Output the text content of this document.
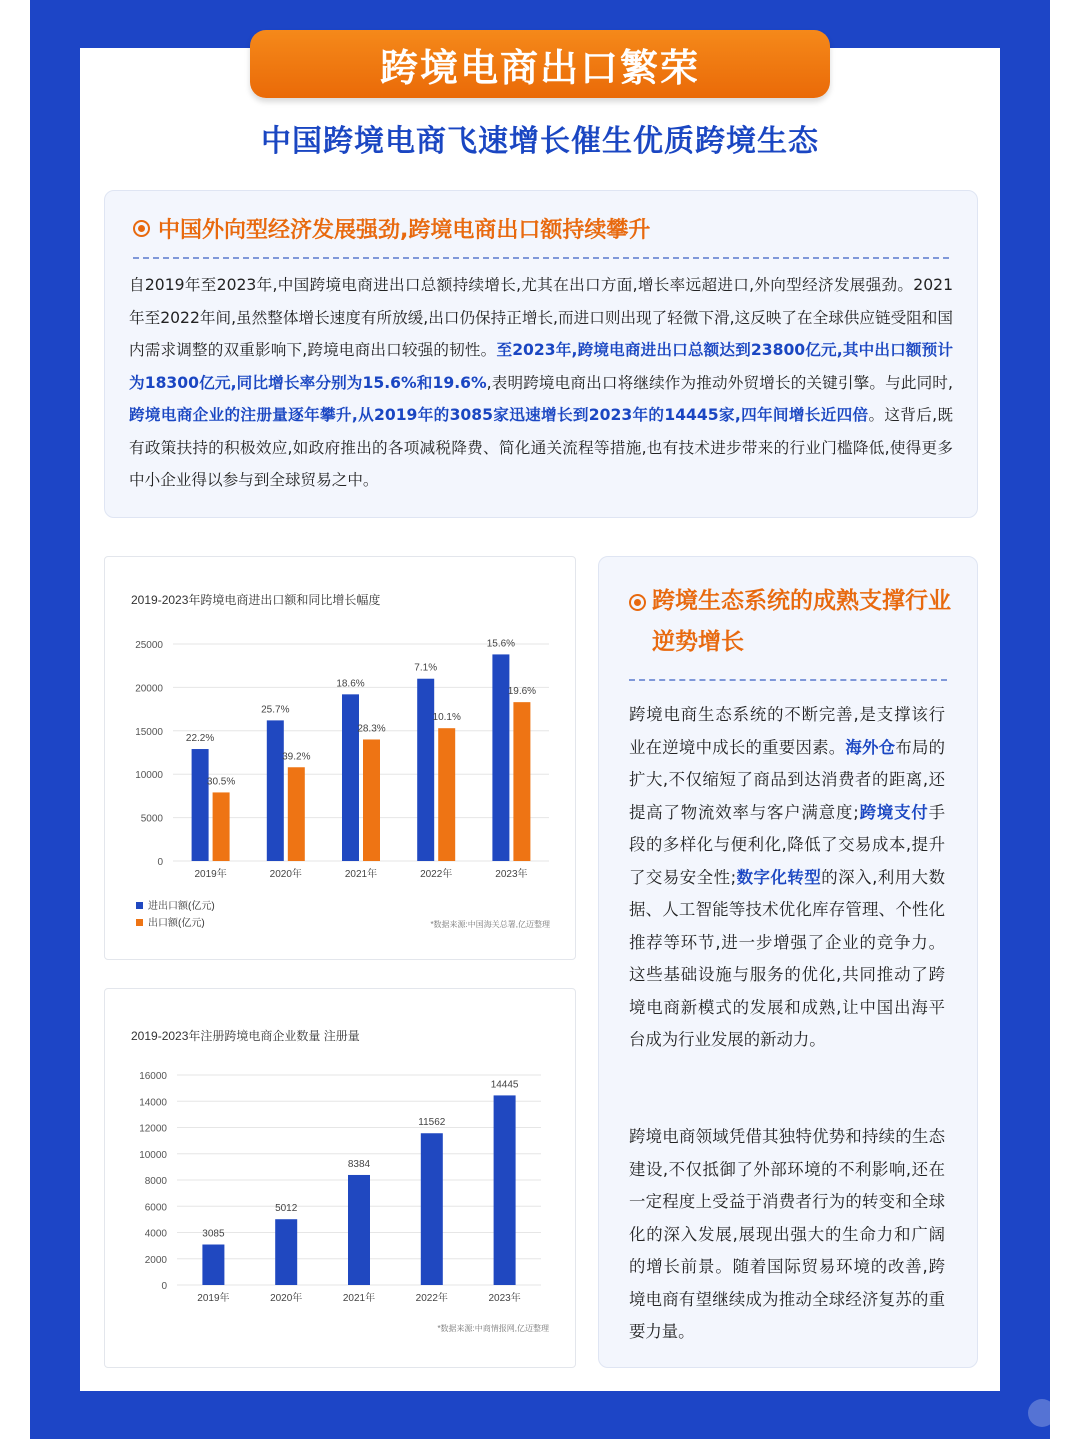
跨境电商出口繁荣
中国跨境电商飞速增长催生优质跨境生态
中国外向型经济发展强劲,跨境电商出口额持续攀升
自2019年至2023年,中国跨境电商进出口总额持续增长,尤其在出口方面,增长率远超进口,外向型经济发展强劲。2021年至2022年间,虽然整体增长速度有所放缓,出口仍保持正增长,而进口则出现了轻微下滑,这反映了在全球供应链受阻和国内需求调整的双重影响下,跨境电商出口较强的韧性。至2023年,跨境电商进出口总额达到23800亿元,其中出口额预计为18300亿元,同比增长率分别为15.6%和19.6%,表明跨境电商出口将继续作为推动外贸增长的关键引擎。与此同时,跨境电商企业的注册量逐年攀升,从2019年的3085家迅速增长到2023年的14445家,四年间增长近四倍。这背后,既有政策扶持的积极效应,如政府推出的各项减税降费、简化通关流程等措施,也有技术进步带来的行业门槛降低,使得更多中小企业得以参与到全球贸易之中。
2019-2023年跨境电商进出口额和同比增长幅度
0
5000
10000
15000
20000
25000
22.2%
30.5%
2019年
25.7%
39.2%
2020年
18.6%
28.3%
2021年
7.1%
10.1%
2022年
15.6%
19.6%
2023年
进出口额(亿元)
出口额(亿元)	*数据来源:中国海关总署,亿迈整理
2019-2023年注册跨境电商企业数量 注册量
0
2000
4000
6000
8000
10000
12000
14000
16000
3085
2019年
5012
2020年
8384
2021年
11562
2022年
14445
2023年
*数据来源:中商情报网,亿迈整理
跨境生态系统的成熟支撑行业逆势增长
跨境电商生态系统的不断完善,是支撑该行业在逆境中成长的重要因素。海外仓布局的扩大,不仅缩短了商品到达消费者的距离,还提高了物流效率与客户满意度;跨境支付手段的多样化与便利化,降低了交易成本,提升了交易安全性;数字化转型的深入,利用大数据、人工智能等技术优化库存管理、个性化推荐等环节,进一步增强了企业的竞争力。这些基础设施与服务的优化,共同推动了跨境电商新模式的发展和成熟,让中国出海平台成为行业发展的新动力。
跨境电商领域凭借其独特优势和持续的生态建设,不仅抵御了外部环境的不利影响,还在一定程度上受益于消费者行为的转变和全球化的深入发展,展现出强大的生命力和广阔的增长前景。随着国际贸易环境的改善,跨境电商有望继续成为推动全球经济复苏的重要力量。
